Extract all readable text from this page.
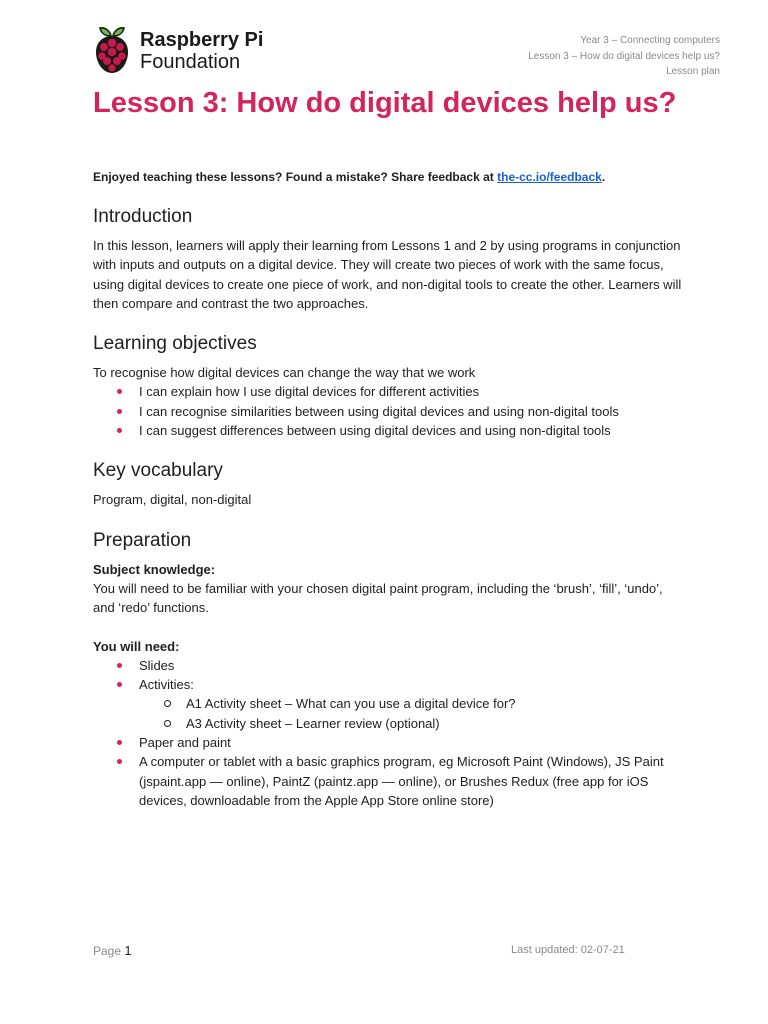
Raspberry Pi
Foundation
Year 3 – Connecting computers
Lesson 3 – How do digital devices help us?
Lesson plan
Lesson 3: How do digital devices help us?
Enjoyed teaching these lessons? Found a mistake? Share feedback at the-cc.io/feedback.
Introduction

In this lesson, learners will apply their learning from Lessons 1 and 2 by using programs in conjunction with inputs and outputs on a digital device. They will create two pieces of work with the same focus, using digital devices to create one piece of work, and non-digital tools to create the other. Learners will then compare and contrast the two approaches.

Learning objectives

To recognise how digital devices can change the way that we work

I can explain how I use digital devices for different activities
I can recognise similarities between using digital devices and using non-digital tools
I can suggest differences between using digital devices and using non-digital tools
Key vocabulary

Program, digital, non-digital

Preparation

Subject knowledge:

You will need to be familiar with your chosen digital paint program, including the ‘brush’, ‘fill’, ‘undo’, and ‘redo’ functions.

You will need:

Slides
Activities:
A1 Activity sheet – What can you use a digital device for?
A3 Activity sheet – Learner review (optional)
Paper and paint
A computer or tablet with a basic graphics program, eg Microsoft Paint (Windows), JS Paint (jspaint.app — online), PaintZ (paintz.app — online), or Brushes Redux (free app for iOS devices, downloadable from the Apple App Store online store)
Page 1	Last updated: 02-07-21
